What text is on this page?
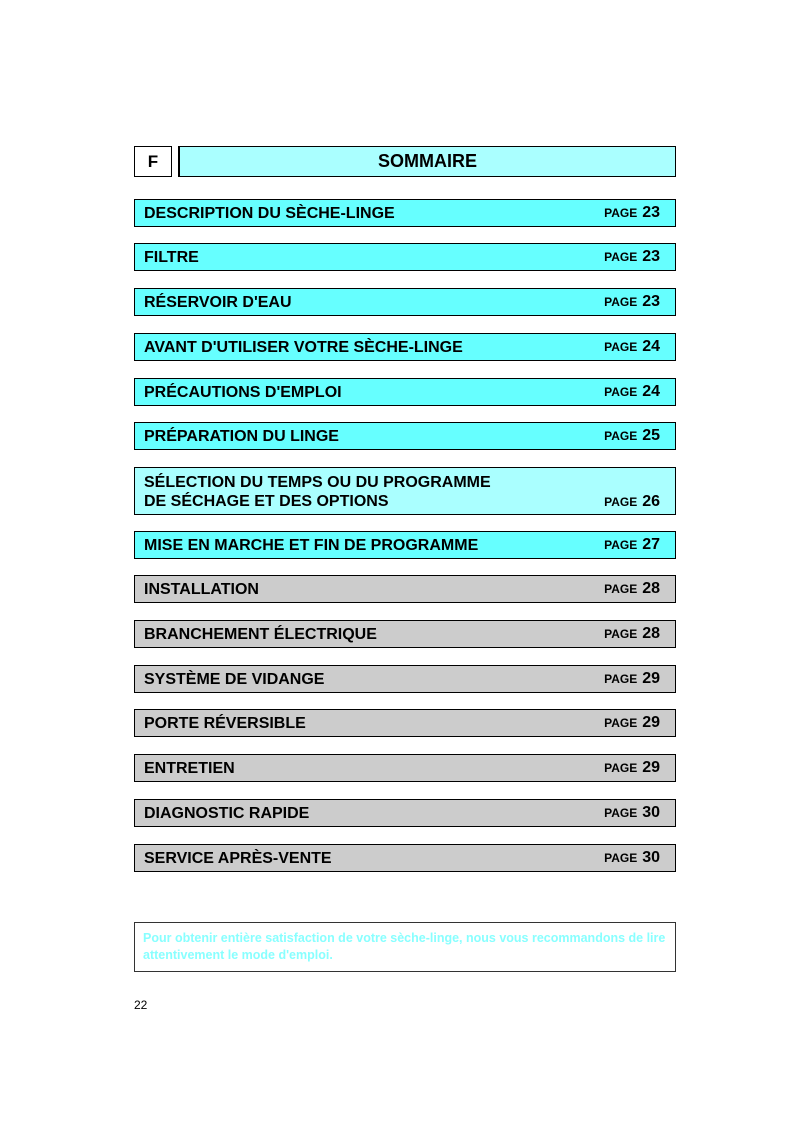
F	SOMMAIRE
DESCRIPTION DU SÈCHE-LINGE	PAGE 23
FILTRE	PAGE 23
RÉSERVOIR D'EAU	PAGE 23
AVANT D'UTILISER VOTRE SÈCHE-LINGE	PAGE 24
PRÉCAUTIONS D'EMPLOI	PAGE 24
PRÉPARATION DU LINGE	PAGE 25
SÉLECTION DU TEMPS OU DU PROGRAMME
DE SÉCHAGE ET DES OPTIONS	PAGE 26
MISE EN MARCHE ET FIN DE PROGRAMME	PAGE 27
INSTALLATION	PAGE 28
BRANCHEMENT ÉLECTRIQUE	PAGE 28
SYSTÈME DE VIDANGE	PAGE 29
PORTE RÉVERSIBLE	PAGE 29
ENTRETIEN	PAGE 29
DIAGNOSTIC RAPIDE	PAGE 30
SERVICE APRÈS-VENTE	PAGE 30
Pour obtenir entière satisfaction de votre sèche-linge, nous vous recommandons de lire attentivement le mode d'emploi.
22
